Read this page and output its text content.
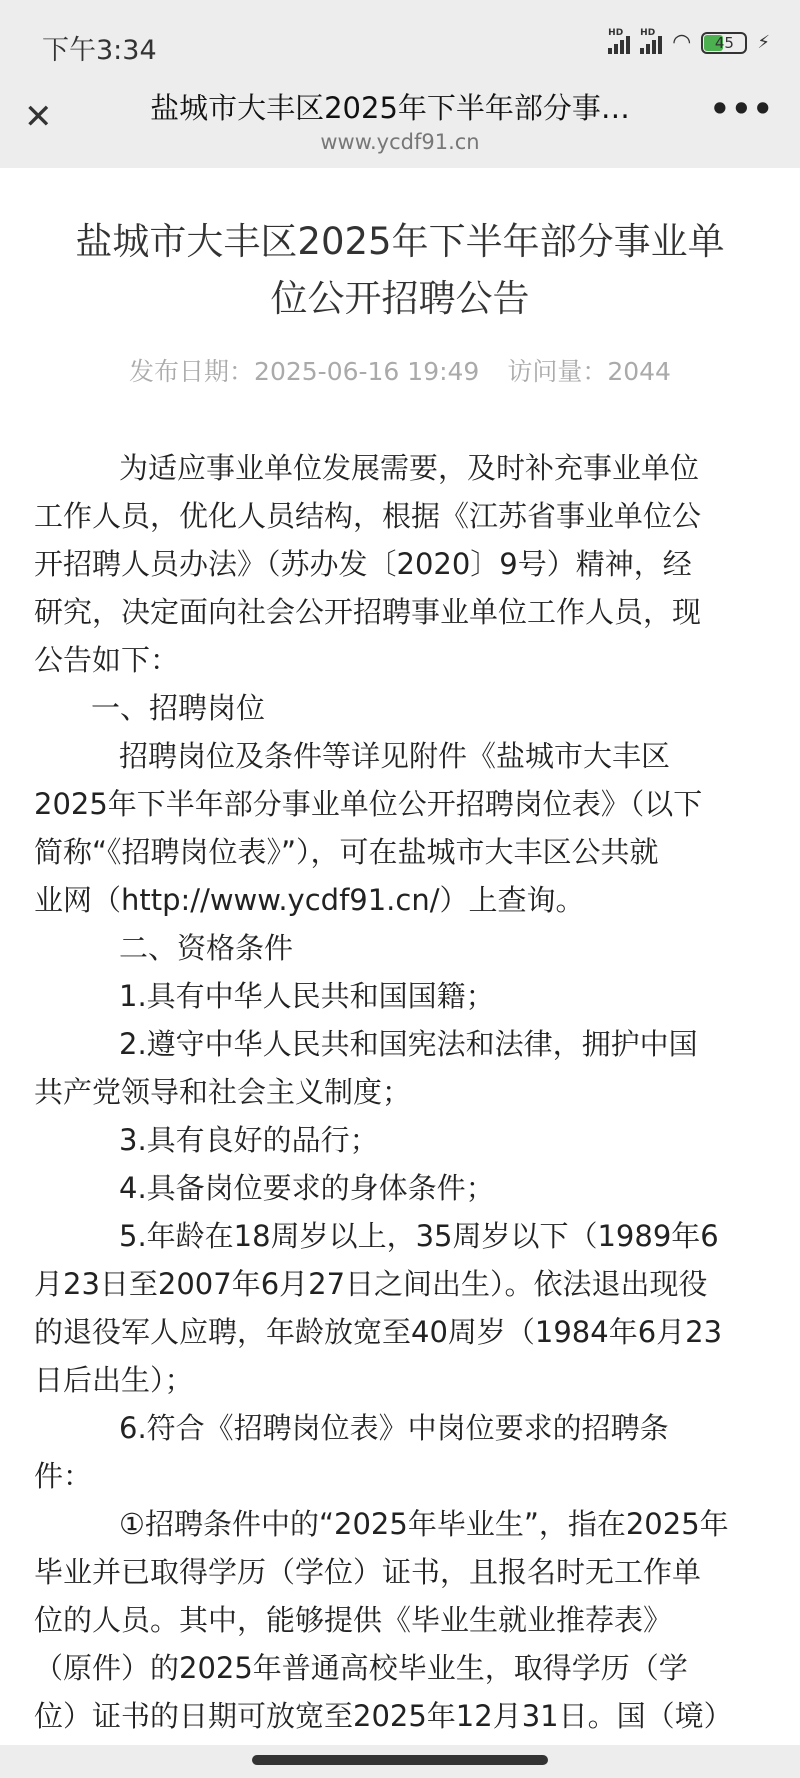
下午3:34
HD HD ◠	45	⚡
✕	盐城市大丰区2025年下半年部分事…
www.ycdf91.cn
•••
盐城市大丰区2025年下半年部分事业单
位公开招聘公告
发布日期：2025-06-16 19:49 访问量：2044
为适应事业单位发展需要，及时补充事业单位
工作人员，优化人员结构，根据《江苏省事业单位公
开招聘人员办法》（苏办发〔2020〕9号）精神，经
研究，决定面向社会公开招聘事业单位工作人员，现
公告如下：
一、招聘岗位
招聘岗位及条件等详见附件《盐城市大丰区
2025年下半年部分事业单位公开招聘岗位表》（以下
简称“《招聘岗位表》”），可在盐城市大丰区公共就
业网（http://www.ycdf91.cn/）上查询。
二、资格条件
1.具有中华人民共和国国籍；
2.遵守中华人民共和国宪法和法律，拥护中国
共产党领导和社会主义制度；
3.具有良好的品行；
4.具备岗位要求的身体条件；
5.年龄在18周岁以上，35周岁以下（1989年6
月23日至2007年6月27日之间出生）。依法退出现役
的退役军人应聘，年龄放宽至40周岁（1984年6月23
日后出生）；
6.符合《招聘岗位表》中岗位要求的招聘条
件：
①招聘条件中的“2025年毕业生”，指在2025年
毕业并已取得学历（学位）证书，且报名时无工作单
位的人员。其中，能够提供《毕业生就业推荐表》
（原件）的2025年普通高校毕业生，取得学历（学
位）证书的日期可放宽至2025年12月31日。国（境）
